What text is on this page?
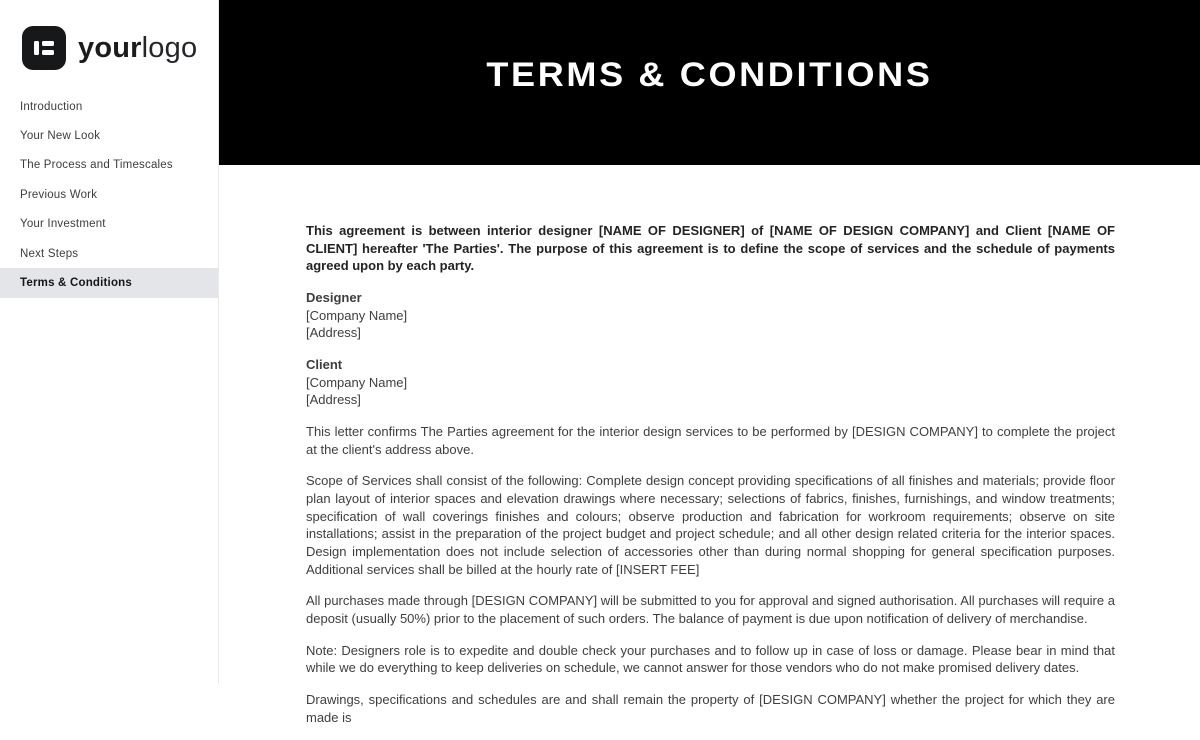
yourlogo
Introduction
Your New Look
The Process and Timescales
Previous Work
Your Investment
Next Steps
Terms & Conditions
TERMS & CONDITIONS

This agreement is between interior designer [NAME OF DESIGNER] of [NAME OF DESIGN COMPANY] and Client [NAME OF CLIENT] hereafter 'The Parties'. The purpose of this agreement is to define the scope of services and the schedule of payments agreed upon by each party.

Designer
[Company Name]
[Address]
Client
[Company Name]
[Address]

This letter confirms The Parties agreement for the interior design services to be performed by [DESIGN COMPANY] to complete the project at the client's address above.

Scope of Services shall consist of the following: Complete design concept providing specifications of all finishes and materials; provide floor plan layout of interior spaces and elevation drawings where necessary; selections of fabrics, finishes, furnishings, and window treatments; specification of wall coverings finishes and colours; observe production and fabrication for workroom requirements; observe on site installations; assist in the preparation of the project budget and project schedule; and all other design related criteria for the interior spaces. Design implementation does not include selection of accessories other than during normal shopping for general specification purposes. Additional services shall be billed at the hourly rate of [INSERT FEE]

All purchases made through [DESIGN COMPANY] will be submitted to you for approval and signed authorisation. All purchases will require a deposit (usually 50%) prior to the placement of such orders. The balance of payment is due upon notification of delivery of merchandise.

Note: Designers role is to expedite and double check your purchases and to follow up in case of loss or damage. Please bear in mind that while we do everything to keep deliveries on schedule, we cannot answer for those vendors who do not make promised delivery dates.

Drawings, specifications and schedules are and shall remain the property of [DESIGN COMPANY] whether the project for which they are made is
